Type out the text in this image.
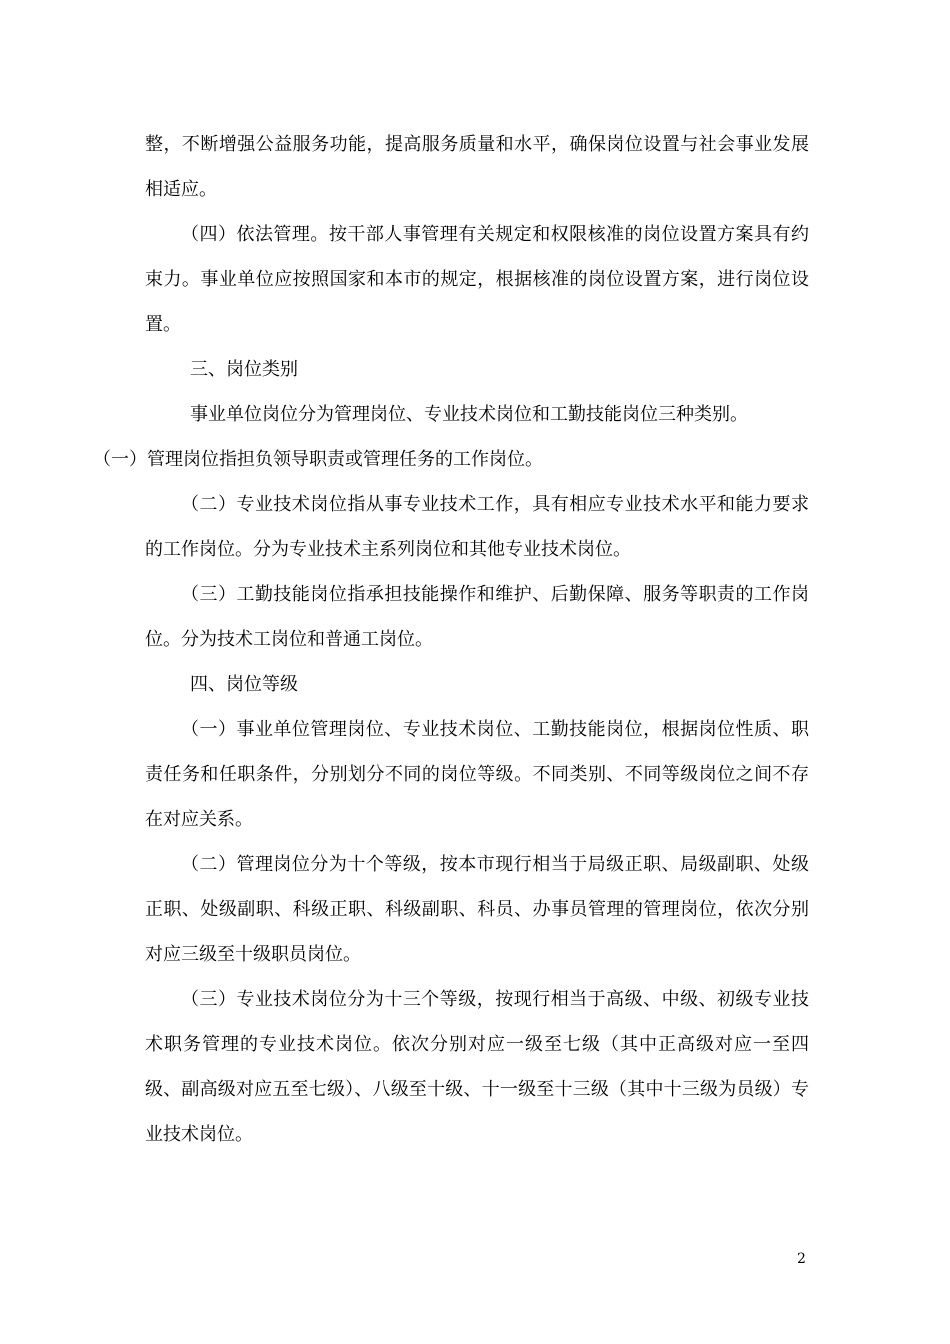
整，不断增强公益服务功能，提高服务质量和水平，确保岗位设置与社会事业发展相适应。

（四）依法管理。按干部人事管理有关规定和权限核准的岗位设置方案具有约束力。事业单位应按照国家和本市的规定，根据核准的岗位设置方案，进行岗位设置。

三、岗位类别

事业单位岗位分为管理岗位、专业技术岗位和工勤技能岗位三种类别。

（一）管理岗位指担负领导职责或管理任务的工作岗位。

（二）专业技术岗位指从事专业技术工作，具有相应专业技术水平和能力要求的工作岗位。分为专业技术主系列岗位和其他专业技术岗位。

（三）工勤技能岗位指承担技能操作和维护、后勤保障、服务等职责的工作岗位。分为技术工岗位和普通工岗位。

四、岗位等级

（一）事业单位管理岗位、专业技术岗位、工勤技能岗位，根据岗位性质、职责任务和任职条件，分别划分不同的岗位等级。不同类别、不同等级岗位之间不存在对应关系。

（二）管理岗位分为十个等级，按本市现行相当于局级正职、局级副职、处级正职、处级副职、科级正职、科级副职、科员、办事员管理的管理岗位，依次分别对应三级至十级职员岗位。

（三）专业技术岗位分为十三个等级，按现行相当于高级、中级、初级专业技术职务管理的专业技术岗位。依次分别对应一级至七级（其中正高级对应一至四级、副高级对应五至七级）、八级至十级、十一级至十三级（其中十三级为员级）专业技术岗位。

2
